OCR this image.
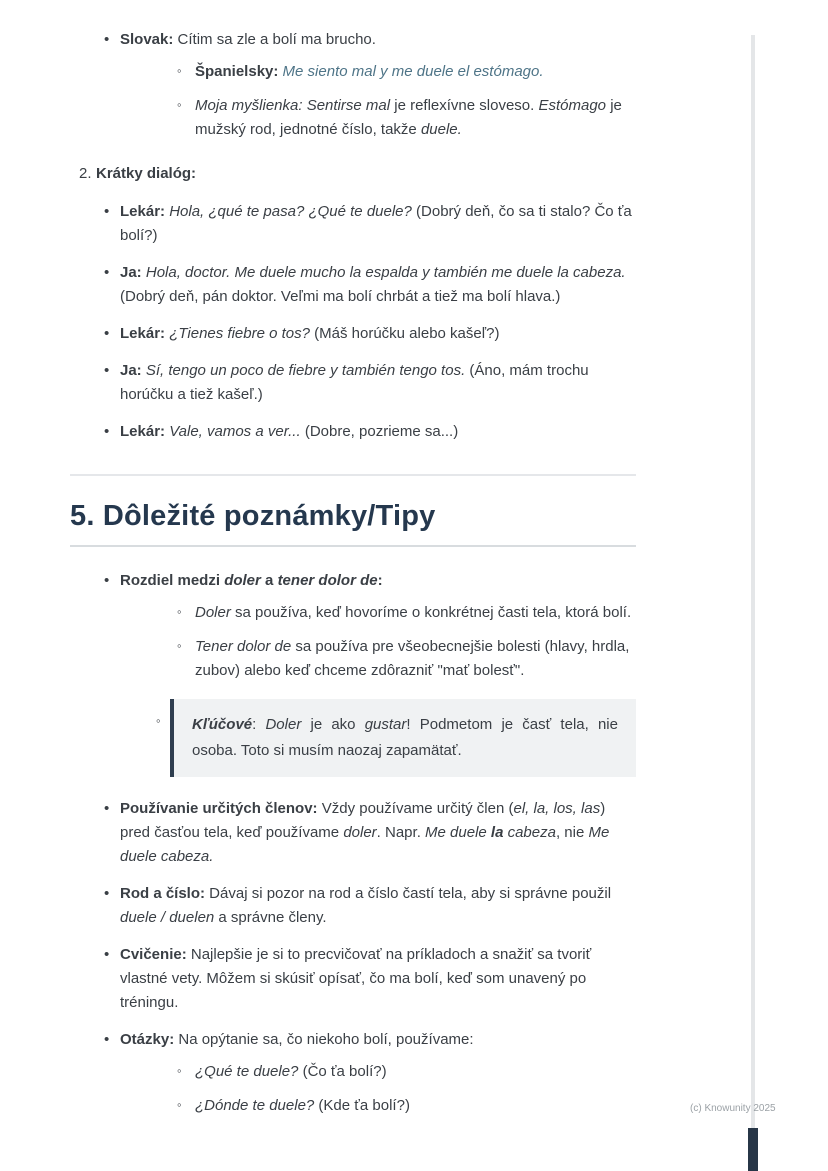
• Slovak: Cítim sa zle a bolí ma brucho.
◦ Španielsky: Me siento mal y me duele el estómago.
◦ Moja myšlienka: Sentirse mal je reflexívne sloveso. Estómago je mužský rod, jednotné číslo, takže duele.
2. Krátky dialóg:
• Lekár: Hola, ¿qué te pasa? ¿Qué te duele? (Dobrý deň, čo sa ti stalo? Čo ťa bolí?)
• Ja: Hola, doctor. Me duele mucho la espalda y también me duele la cabeza. (Dobrý deň, pán doktor. Veľmi ma bolí chrbát a tiež ma bolí hlava.)
• Lekár: ¿Tienes fiebre o tos? (Máš horúčku alebo kašeľ?)
• Ja: Sí, tengo un poco de fiebre y también tengo tos. (Áno, mám trochu horúčku a tiež kašeľ.)
• Lekár: Vale, vamos a ver... (Dobre, pozrieme sa...)
5. Dôležité poznámky/Tipy
• Rozdiel medzi doler a tener dolor de:
◦ Doler sa používa, keď hovoríme o konkrétnej časti tela, ktorá bolí.
◦ Tener dolor de sa používa pre všeobecnejšie bolesti (hlavy, hrdla, zubov) alebo keď chceme zdôrazniť "mať bolesť".
◦	Kľúčové: Doler je ako gustar! Podmetom je časť tela, nie osoba. Toto si musím naozaj zapamätať.
• Používanie určitých členov: Vždy používame určitý člen (el, la, los, las) pred časťou tela, keď používame doler. Napr. Me duele la cabeza, nie Me duele cabeza.
• Rod a číslo: Dávaj si pozor na rod a číslo častí tela, aby si správne použil duele / duelen a správne členy.
• Cvičenie: Najlepšie je si to precvičovať na príkladoch a snažiť sa tvoriť vlastné vety. Môžem si skúsiť opísať, čo ma bolí, keď som unavený po tréningu.
• Otázky: Na opýtanie sa, čo niekoho bolí, používame:
◦ ¿Qué te duele? (Čo ťa bolí?)
◦ ¿Dónde te duele? (Kde ťa bolí?)	(c) Knowunity 2025
